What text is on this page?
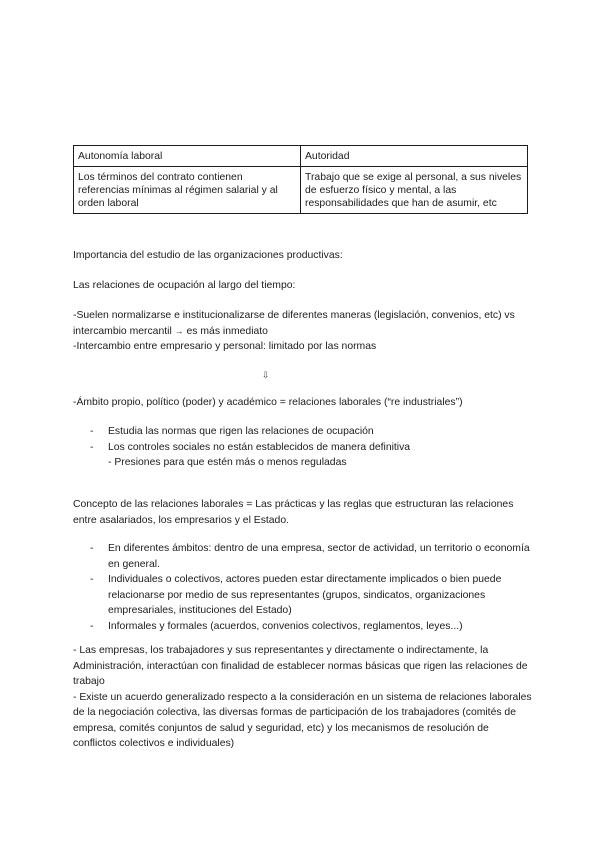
Autonomía laboral	Autoridad
Los términos del contrato contienen referencias mínimas al régimen salarial y al orden laboral	Trabajo que se exige al personal, a sus niveles de esfuerzo físico y mental, a las responsabilidades que han de asumir, etc

Importancia del estudio de las organizaciones productivas:

Las relaciones de ocupación al largo del tiempo:

-Suelen normalizarse e institucionalizarse de diferentes maneras (legislación, convenios, etc) vs intercambio mercantil → es más inmediato

-Intercambio entre empresario y personal: limitado por las normas

⇩

-Ámbito propio, político (poder) y académico = relaciones laborales (“re industriales”)

- Estudia las normas que rigen las relaciones de ocupación
- Los controles sociales no están establecidos de manera definitiva

- Presiones para que estén más o menos reguladas

Concepto de las relaciones laborales = Las prácticas y las reglas que estructuran las relaciones entre asalariados, los empresarios y el Estado.

- En diferentes ámbitos: dentro de una empresa, sector de actividad, un territorio o economía en general.
- Individuales o colectivos, actores pueden estar directamente implicados o bien puede relacionarse por medio de sus representantes (grupos, sindicatos, organizaciones empresariales, instituciones del Estado)
- Informales y formales (acuerdos, convenios colectivos, reglamentos, leyes...)

- Las empresas, los trabajadores y sus representantes y directamente o indirectamente, la Administración, interactúan con finalidad de establecer normas básicas que rigen las relaciones de trabajo

- Existe un acuerdo generalizado respecto a la consideración en un sistema de relaciones laborales de la negociación colectiva, las diversas formas de participación de los trabajadores (comités de empresa, comités conjuntos de salud y seguridad, etc) y los mecanismos de resolución de conflictos colectivos e individuales)
